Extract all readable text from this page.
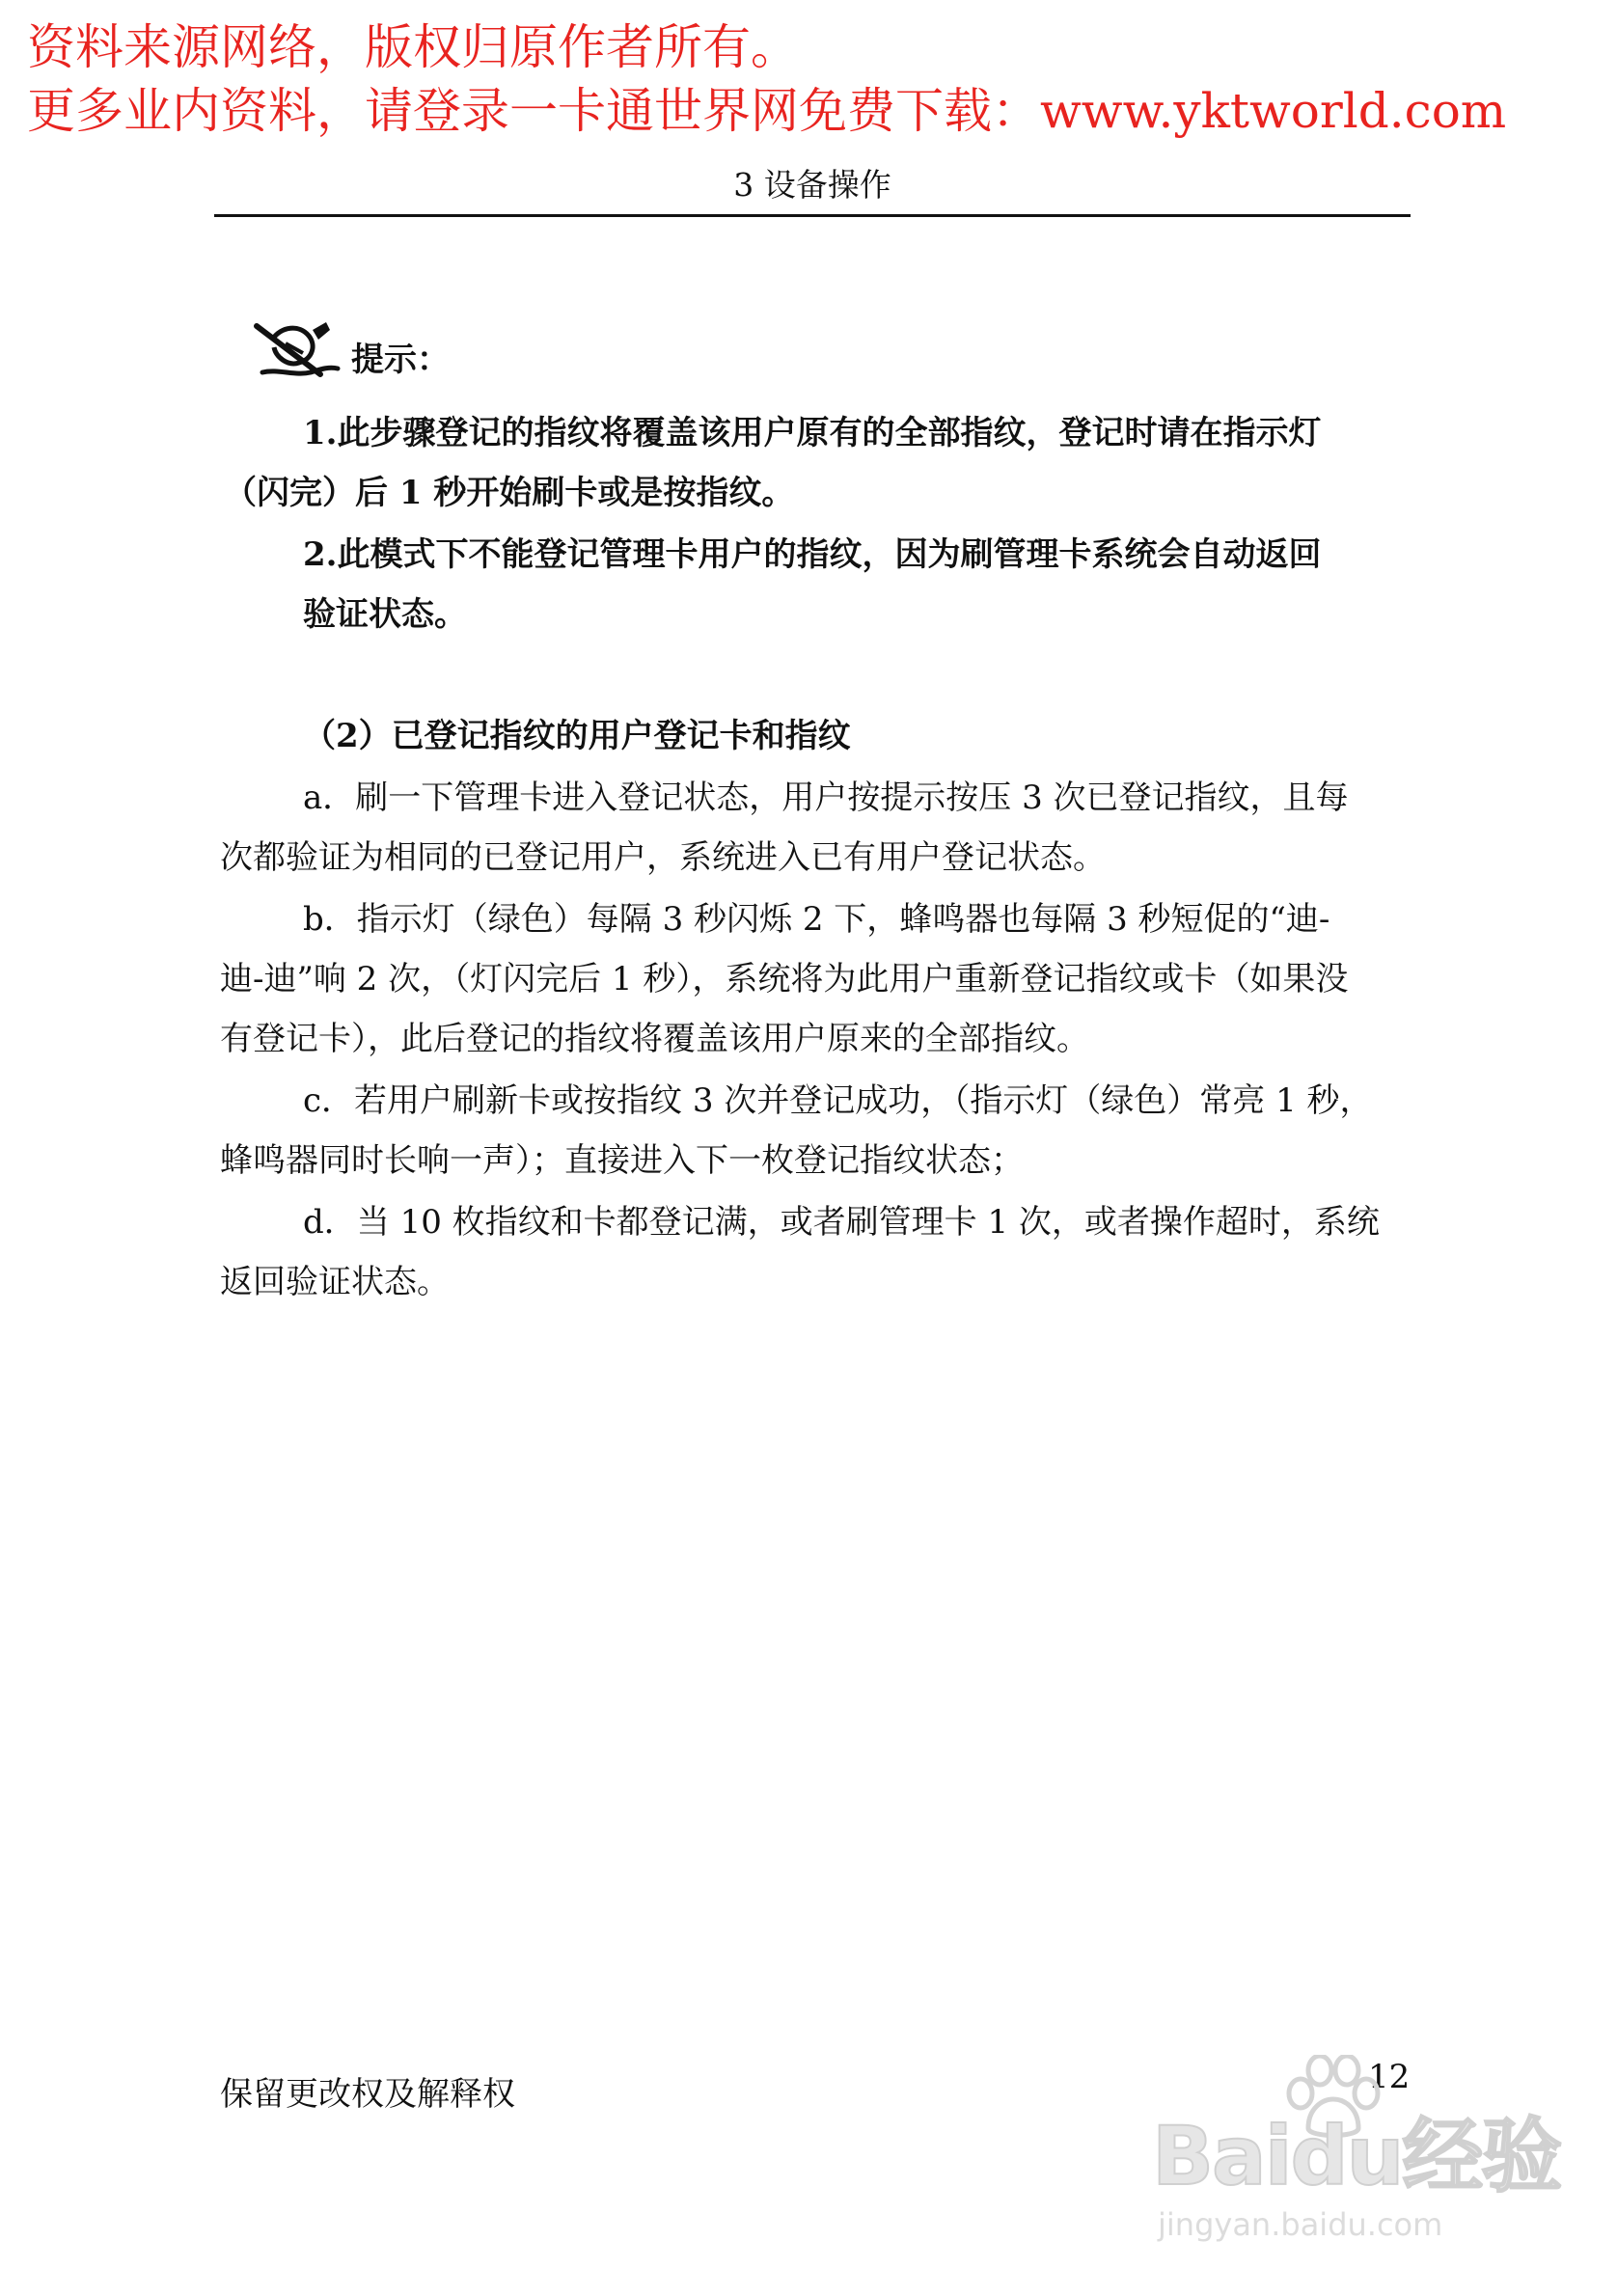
资料来源网络，版权归原作者所有。
更多业内资料，请登录一卡通世界网免费下载：www.yktworld.com
3 设备操作
提示：
1.此步骤登记的指纹将覆盖该用户原有的全部指纹，登记时请在指示灯
（闪完）后 1 秒开始刷卡或是按指纹。
2.此模式下不能登记管理卡用户的指纹，因为刷管理卡系统会自动返回
验证状态。
（2）已登记指纹的用户登记卡和指纹
a．刷一下管理卡进入登记状态，用户按提示按压 3 次已登记指纹，且每
次都验证为相同的已登记用户，系统进入已有用户登记状态。
b．指示灯（绿色）每隔 3 秒闪烁 2 下，蜂鸣器也每隔 3 秒短促的“迪-
迪-迪”响 2 次，（灯闪完后 1 秒），系统将为此用户重新登记指纹或卡（如果没
有登记卡），此后登记的指纹将覆盖该用户原来的全部指纹。
c．若用户刷新卡或按指纹 3 次并登记成功，（指示灯（绿色）常亮 1 秒，
蜂鸣器同时长响一声）；直接进入下一枚登记指纹状态；
d．当 10 枚指纹和卡都登记满，或者刷管理卡 1 次，或者操作超时，系统
返回验证状态。
保留更改权及解释权	12
Baidu经验
jingyan.baidu.com
